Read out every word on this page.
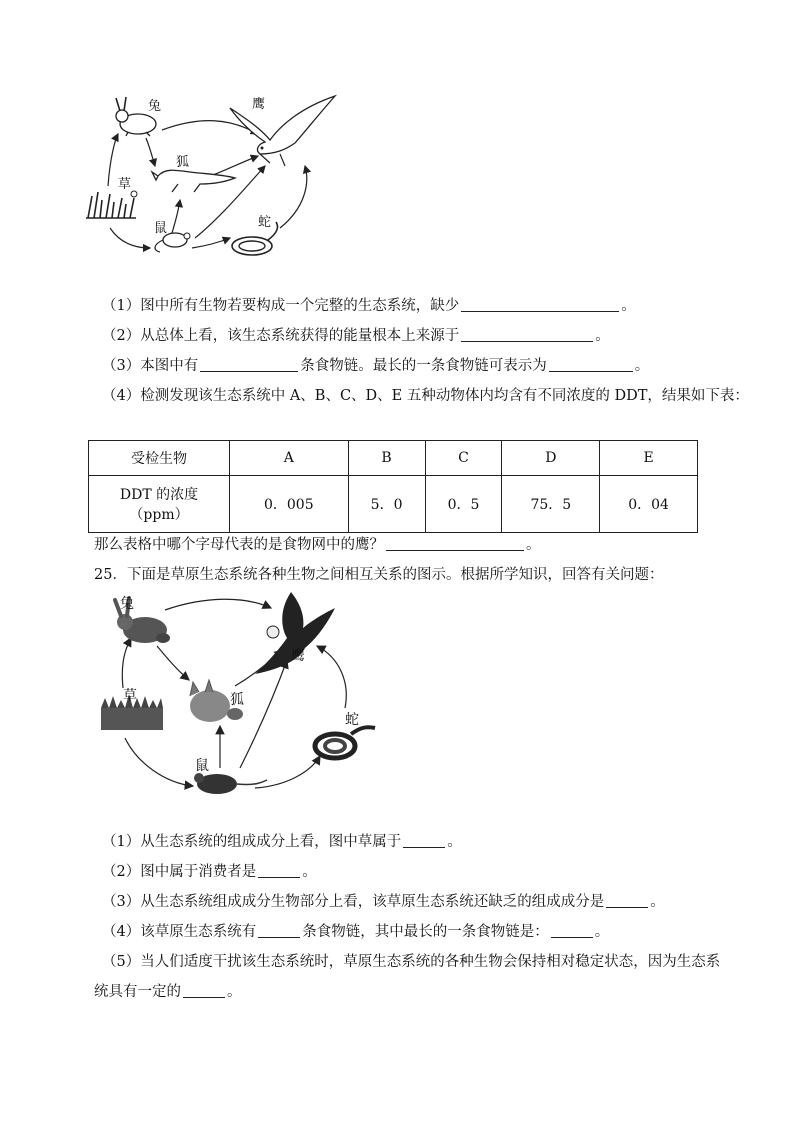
兔	鹰
狐
草
鼠	蛇
（1）图中所有生物若要构成一个完整的生态系统，缺少	。
（2）从总体上看，该生态系统获得的能量根本上来源于	。
（3）本图中有	条食物链。最长的一条食物链可表示为	。
（4）检测发现该生态系统中 A、B、C、D、E 五种动物体内均含有不同浓度的 DDT，结果如下表：
受检生物	A	B	C	D	E

DDT 的浓度
（ppm）	0．005	5．0	0．5	75．5	0．04
那么表格中哪个字母代表的是食物网中的鹰？	。
25．下面是草原生态系统各种生物之间相互关系的图示。根据所学知识，回答有关问题：
兔
鹰
草	狐
鼠
蛇
（1）从生态系统的组成成分上看，图中草属于	。
（2）图中属于消费者是	。
（3）从生态系统组成成分生物部分上看，该草原生态系统还缺乏的组成成分是	。
（4）该草原生态系统有	条食物链，其中最长的一条食物链是：	。
（5）当人们适度干扰该生态系统时，草原生态系统的各种生物会保持相对稳定状态，因为生态系
统具有一定的	。
